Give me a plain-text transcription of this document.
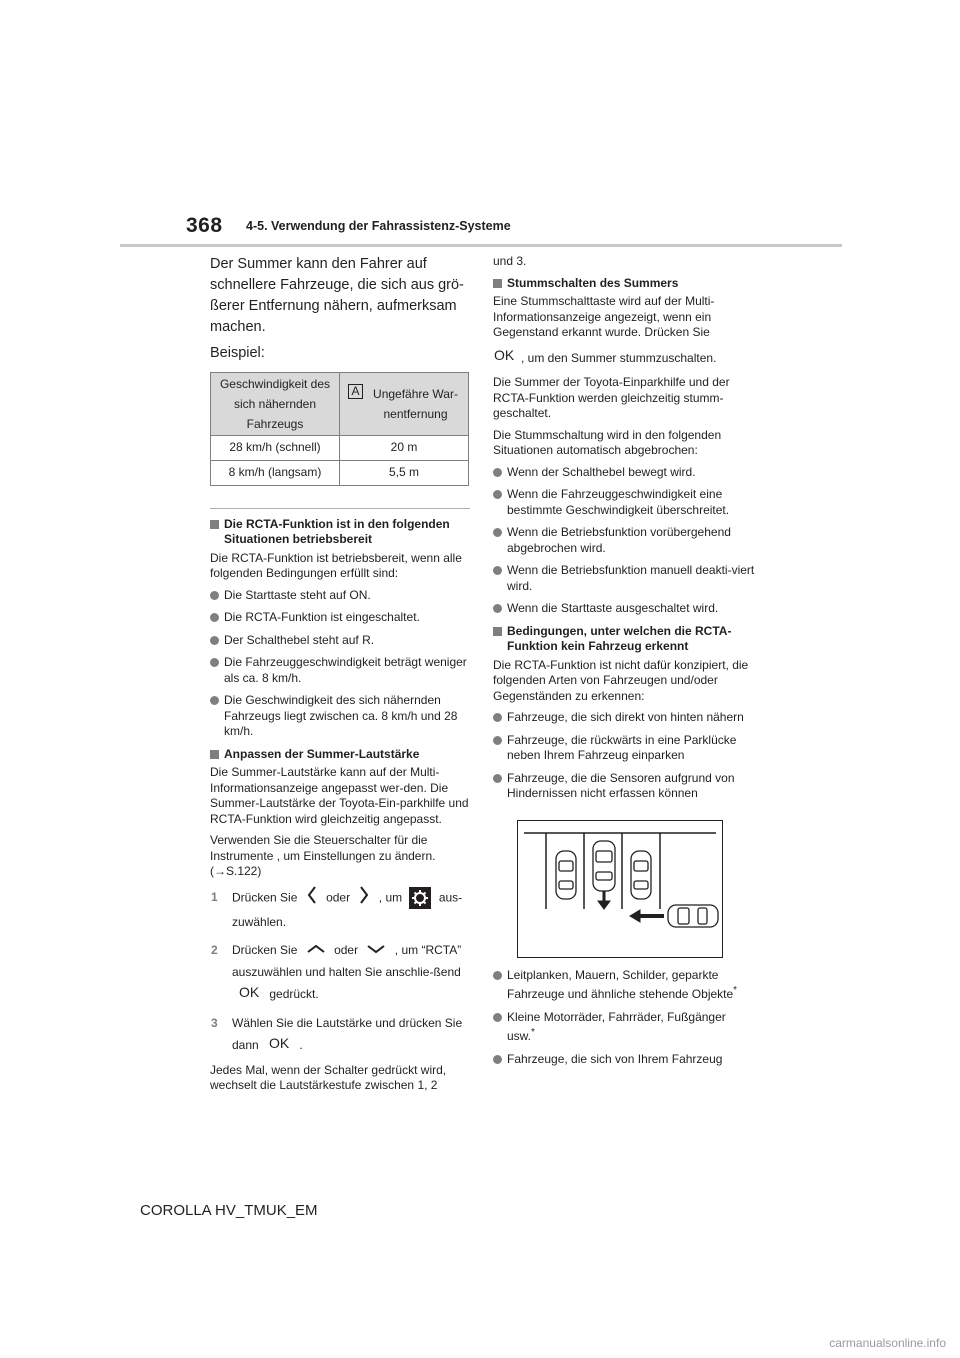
368 4-5. Verwendung der Fahrassistenz-Systeme

Der Summer kann den Fahrer auf schnellere Fahrzeuge, die sich aus grö-ßerer Entfernung nähern, aufmerksam machen.

Beispiel:

Geschwindigkeit des sich nähernden Fahrzeugs	A Ungefähre War-nentfernung

28 km/h (schnell)	20 m
8 km/h (langsam)	5,5 m
Die RCTA-Funktion ist in den folgenden Situationen betriebsbereit

Die RCTA-Funktion ist betriebsbereit, wenn alle folgenden Bedingungen erfüllt sind:

Die Starttaste steht auf ON.
Die RCTA-Funktion ist eingeschaltet.
Der Schalthebel steht auf R.
Die Fahrzeuggeschwindigkeit beträgt weniger als ca. 8 km/h.
Die Geschwindigkeit des sich nähernden Fahrzeugs liegt zwischen ca. 8 km/h und 28 km/h.
Anpassen der Summer-Lautstärke

Die Summer-Lautstärke kann auf der Multi-Informationsanzeige angepasst wer-den. Die Summer-Lautstärke der Toyota-Ein-parkhilfe und RCTA-Funktion wird gleichzeitig angepasst.

Verwenden Sie die Steuerschalter für die Instrumente , um Einstellungen zu ändern. (→S.122)

1 Drücken Sie oder , um	aus-zuwählen.
2 Drücken Sie	oder	, um “RCTA” auszuwählen und halten Sie anschlie-ßend
OK gedrückt.
3 Wählen Sie die Lautstärke und drücken Sie dann OK .

Jedes Mal, wenn der Schalter gedrückt wird, wechselt die Lautstärkestufe zwischen 1, 2

und 3.

Stummschalten des Summers

Eine Stummschalttaste wird auf der Multi-Informationsanzeige angezeigt, wenn ein Gegenstand erkannt wurde. Drücken Sie

OK , um den Summer stummzuschalten.

Die Summer der Toyota-Einparkhilfe und der RCTA-Funktion werden gleichzeitig stumm-geschaltet.

Die Stummschaltung wird in den folgenden Situationen automatisch abgebrochen:

Wenn der Schalthebel bewegt wird.
Wenn die Fahrzeuggeschwindigkeit eine bestimmte Geschwindigkeit überschreitet.
Wenn die Betriebsfunktion vorübergehend abgebrochen wird.
Wenn die Betriebsfunktion manuell deakti-viert wird.
Wenn die Starttaste ausgeschaltet wird.
Bedingungen, unter welchen die RCTA-Funktion kein Fahrzeug erkennt

Die RCTA-Funktion ist nicht dafür konzipiert, die folgenden Arten von Fahrzeugen und/oder Gegenständen zu erkennen:

Fahrzeuge, die sich direkt von hinten nähern
Fahrzeuge, die rückwärts in eine Parklücke neben Ihrem Fahrzeug einparken
Fahrzeuge, die die Sensoren aufgrund von Hindernissen nicht erfassen können
Leitplanken, Mauern, Schilder, geparkte Fahrzeuge und ähnliche stehende Objekte*
Kleine Motorräder, Fahrräder, Fußgänger usw.*
Fahrzeuge, die sich von Ihrem Fahrzeug
COROLLA HV_TMUK_EM
carmanualsonline.info
